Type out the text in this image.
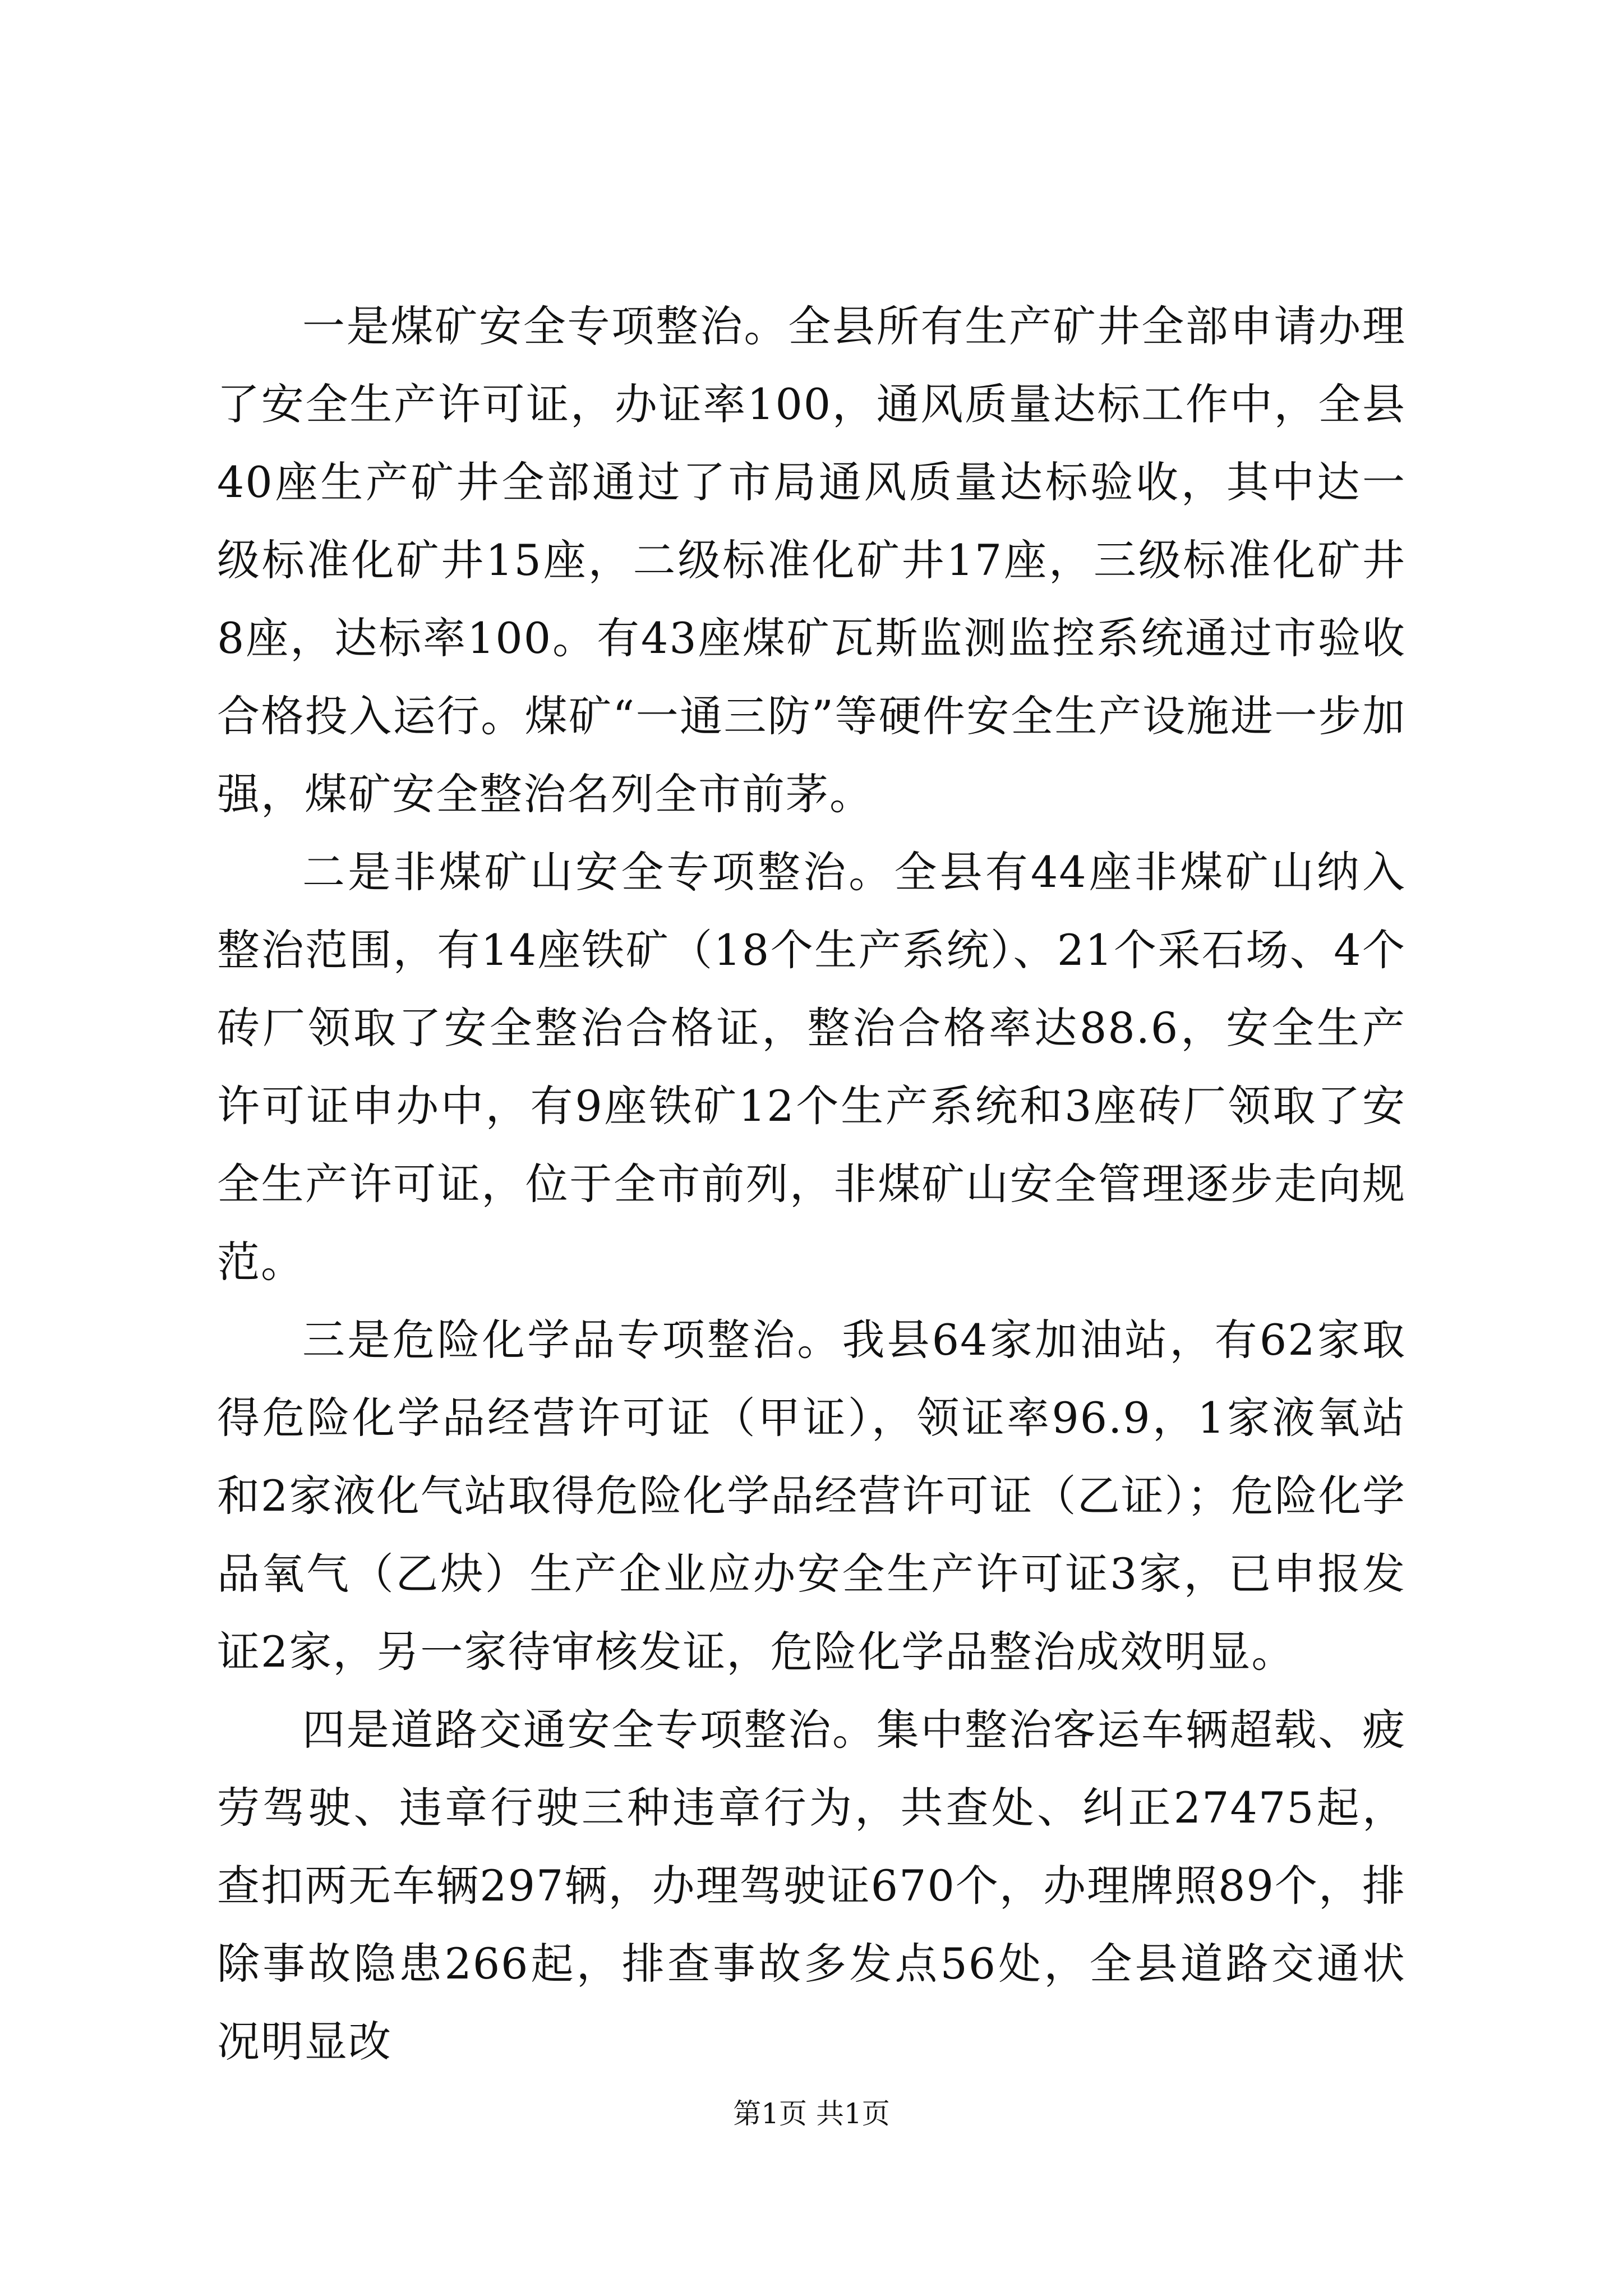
一是煤矿安全专项整治。全县所有生产矿井全部申请办理了安全生产许可证，办证率100，通风质量达标工作中，全县40座生产矿井全部通过了市局通风质量达标验收，其中达一级标准化矿井15座，二级标准化矿井17座，三级标准化矿井8座，达标率100。有43座煤矿瓦斯监测监控系统通过市验收合格投入运行。煤矿“一通三防”等硬件安全生产设施进一步加强，煤矿安全整治名列全市前茅。

二是非煤矿山安全专项整治。全县有44座非煤矿山纳入整治范围，有14座铁矿（18个生产系统）、21个采石场、4个砖厂领取了安全整治合格证，整治合格率达88.6，安全生产许可证申办中，有9座铁矿12个生产系统和3座砖厂领取了安全生产许可证，位于全市前列，非煤矿山安全管理逐步走向规范。

三是危险化学品专项整治。我县64家加油站，有62家取得危险化学品经营许可证（甲证），领证率96.9，1家液氧站和2家液化气站取得危险化学品经营许可证（乙证）；危险化学品氧气（乙炔）生产企业应办安全生产许可证3家，已申报发证2家，另一家待审核发证，危险化学品整治成效明显。

四是道路交通安全专项整治。集中整治客运车辆超载、疲劳驾驶、违章行驶三种违章行为，共查处、纠正27475起，查扣两无车辆297辆，办理驾驶证670个，办理牌照89个，排除事故隐患266起，排查事故多发点56处，全县道路交通状况明显改

第1页 共1页
